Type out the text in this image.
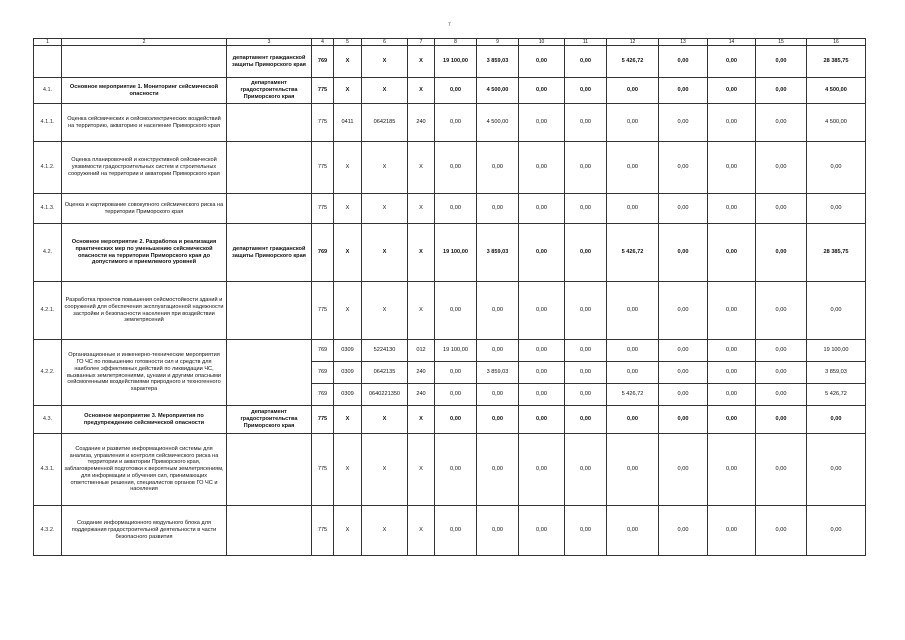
7
1	2	3	4	5	6	7	8	9	10	11	12	13	14	15	16
		департамент гражданской защиты Приморского края	769	X	X	X	19 100,00	3 859,03	0,00	0,00	5 426,72	0,00	0,00	0,00	28 385,75
4.1.	Основное мероприятие 1. Мониторинг сейсмической опасности	департамент градостроительства Приморского края	775	X	X	X	0,00	4 500,00	0,00	0,00	0,00	0,00	0,00	0,00	4 500,00
4.1.1.	Оценка сейсмических и сейсмоэлектрических воздействий на территорию, акваторию и население Приморского края		775	0411	0642185	240	0,00	4 500,00	0,00	0,00	0,00	0,00	0,00	0,00	4 500,00
4.1.2.	Оценка планировочной и конструктивной сейсмической уязвимости градостроительных систем и строительных сооружений на территории и акватории Приморского края		775	X	X	X	0,00	0,00	0,00	0,00	0,00	0,00	0,00	0,00	0,00
4.1.3.	Оценка и картирование совокупного сейсмического риска на территории Приморского края		775	X	X	X	0,00	0,00	0,00	0,00	0,00	0,00	0,00	0,00	0,00
4.2.	Основное мероприятие 2. Разработка и реализация практических мер по уменьшению сейсмической опасности на территории Приморского края до допустимого и приемлемого уровней	департамент гражданской защиты Приморского края	769	X	X	X	19 100,00	3 859,03	0,00	0,00	5 426,72	0,00	0,00	0,00	28 385,75
4.2.1.	Разработка проектов повышения сейсмостойкости зданий и сооружений для обеспечения эксплуатационной надежности застройки и безопасности населения при воздействии землетрясений		775	X	X	X	0,00	0,00	0,00	0,00	0,00	0,00	0,00	0,00	0,00
4.2.2.	Организационные и инженерно-технические мероприятия ГО ЧС по повышению готовности сил и средств для наиболее эффективных действий по ликвидации ЧС, вызванных землетрясениями, цунами и другими опасными сейсмогенными воздействиями природного и техногенного характера		769	0309	5224130	012	19 100,00	0,00	0,00	0,00	0,00	0,00	0,00	0,00	19 100,00
			769	0309	0642135	240	0,00	3 859,03	0,00	0,00	0,00	0,00	0,00	0,00	3 859,03
			769	0309	0640221350	240	0,00	0,00	0,00	0,00	5 426,72	0,00	0,00	0,00	5 426,72
4.3.	Основное мероприятие 3. Мероприятия по предупреждению сейсмической опасности	департамент градостроительства Приморского края	775	X	X	X	0,00	0,00	0,00	0,00	0,00	0,00	0,00	0,00	0,00
4.3.1.	Создание и развитие информационной системы для анализа, управления и контроля сейсмического риска на территории и акватории Приморского края, заблаговременной подготовки к вероятным землетрясениям, для информации и обучения сил, принимающих ответственные решения, специалистов органов ГО ЧС и населения		775	X	X	X	0,00	0,00	0,00	0,00	0,00	0,00	0,00	0,00	0,00
4.3.2.	Создание информационного модульного блока для поддержания градостроительной деятельности в части безопасного развития		775	X	X	X	0,00	0,00	0,00	0,00	0,00	0,00	0,00	0,00	0,00
